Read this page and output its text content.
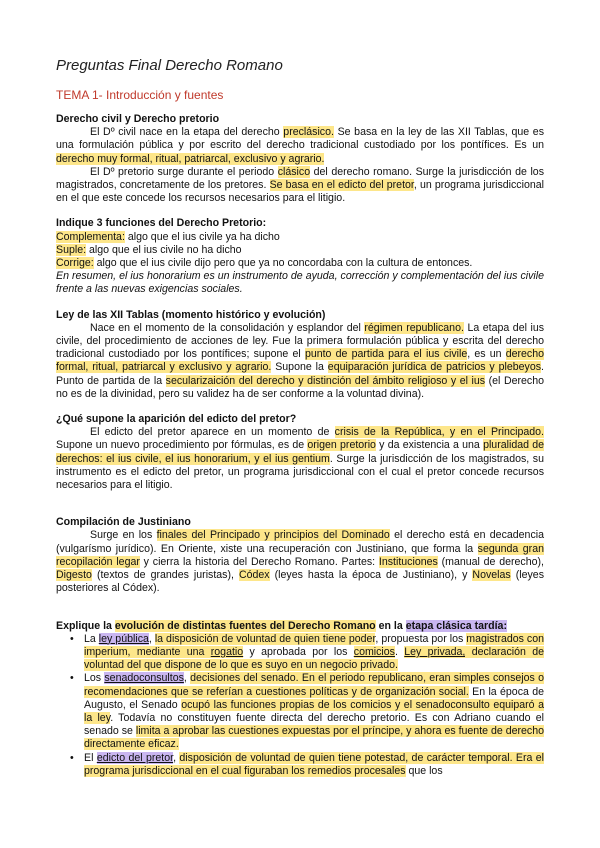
Preguntas Final Derecho Romano
TEMA 1- Introducción y fuentes

Derecho civil y Derecho pretorio

El Dº civil nace en la etapa del derecho preclásico. Se basa en la ley de las XII Tablas, que es una formulación pública y por escrito del derecho tradicional custodiado por los pontífices. Es un derecho muy formal, ritual, patriarcal, exclusivo y agrario.

El Dº pretorio surge durante el periodo clásico del derecho romano. Surge la jurisdicción de los magistrados, concretamente de los pretores. Se basa en el edicto del pretor, un programa jurisdiccional en el que este concede los recursos necesarios para el litigio.

Indique 3 funciones del Derecho Pretorio:

Complementa: algo que el ius civile ya ha dicho

Suple: algo que el ius civile no ha dicho

Corrige: algo que el ius civile dijo pero que ya no concordaba con la cultura de entonces.

En resumen, el ius honorarium es un instrumento de ayuda, corrección y complementación del ius civile frente a las nuevas exigencias sociales.

Ley de las XII Tablas (momento histórico y evolución)

Nace en el momento de la consolidación y esplandor del régimen republicano. La etapa del ius civile, del procedimiento de acciones de ley. Fue la primera formulación pública y escrita del derecho tradicional custodiado por los pontífices; supone el punto de partida para el ius civile, es un derecho formal, ritual, patriarcal y exclusivo y agrario. Supone la equiparación jurídica de patricios y plebeyos. Punto de partida de la secularizaición del derecho y distinción del ámbito religioso y el ius (el Derecho no es de la divinidad, pero su validez ha de ser conforme a la voluntad divina).

¿Qué supone la aparición del edicto del pretor?

El edicto del pretor aparece en un momento de crisis de la República, y en el Principado. Supone un nuevo procedimiento por fórmulas, es de origen pretorio y da existencia a una pluralidad de derechos: el ius civile, el ius honorarium, y el ius gentium. Surge la jurisdicción de los magistrados, su instrumento es el edicto del pretor, un programa jurisdiccional con el cual el pretor concede recursos necesarios para el litigio.

Compilación de Justiniano

Surge en los finales del Principado y principios del Dominado el derecho está en decadencia (vulgarísmo jurídico). En Oriente, xiste una recuperación con Justiniano, que forma la segunda gran recopilación legar y cierra la historia del Derecho Romano. Partes: Instituciones (manual de derecho), Digesto (textos de grandes juristas), Códex (leyes hasta la época de Justiniano), y Novelas (leyes posteriores al Códex).

Explique la evolución de distintas fuentes del Derecho Romano en la etapa clásica tardía:

• La ley pública, la disposición de voluntad de quien tiene poder, propuesta por los magistrados con imperium, mediante una rogatio y aprobada por los comicios. Ley privada, declaración de voluntad del que dispone de lo que es suyo en un negocio privado.
• Los senadoconsultos, decisiones del senado. En el periodo republicano, eran simples consejos o recomendaciones que se referían a cuestiones políticas y de organización social. En la época de Augusto, el Senado ocupó las funciones propias de los comicios y el senadoconsulto equiparó a la ley. Todavía no constituyen fuente directa del derecho pretorio. Es con Adriano cuando el senado se limita a aprobar las cuestiones expuestas por el príncipe, y ahora es fuente de derecho directamente eficaz.
• El edicto del pretor, disposición de voluntad de quien tiene potestad, de carácter temporal. Era el programa jurisdiccional en el cual figuraban los remedios procesales que los
